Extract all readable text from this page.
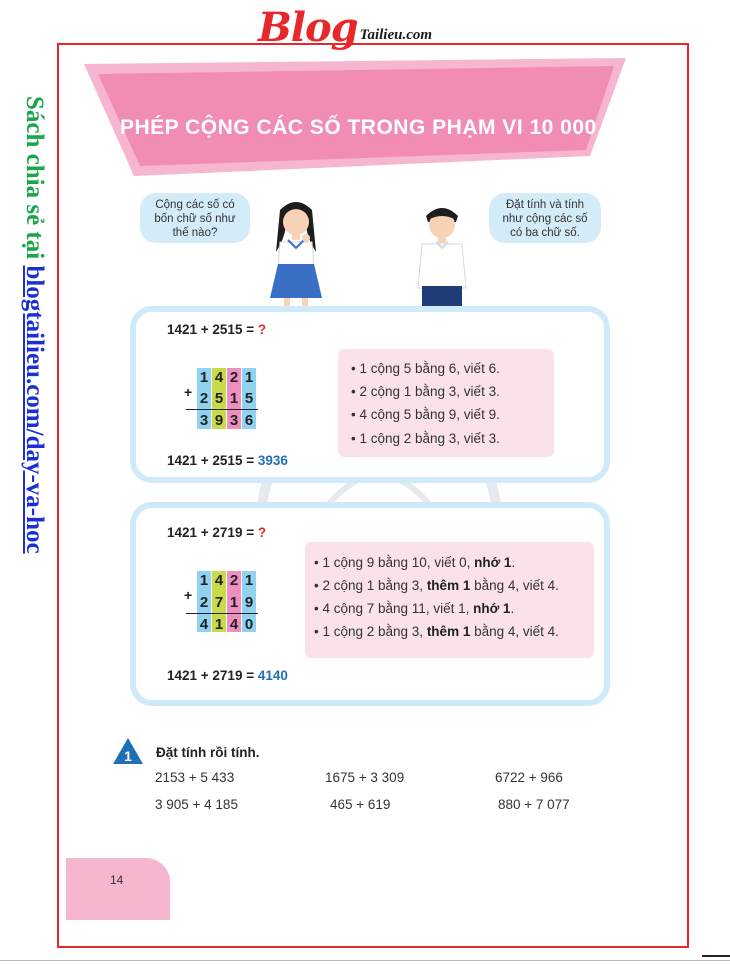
Blog Tailieu.com
Sách chia sẻ tại blogtailieu.com/day-va-hoc
PHÉP CỘNG CÁC SỐ TRONG PHẠM VI 10 000
Cộng các số có
bốn chữ số như
thế nào?
Đặt tính và tính
như cộng các số
có ba chữ số.
1421 + 2515 = ?
+
1 4 2 1
2 5 1 5
3 9 3 6
• 1 cộng 5 bằng 6, viết 6.
• 2 cộng 1 bằng 3, viết 3.
• 4 cộng 5 bằng 9, viết 9.
• 1 cộng 2 bằng 3, viết 3.
1421 + 2515 = 3936
1421 + 2719 = ?
+
1 4 2 1
2 7 1 9
4 1 4 0
• 1 cộng 9 bằng 10, viết 0, nhớ 1.
• 2 cộng 1 bằng 3, thêm 1 bằng 4, viết 4.
• 4 cộng 7 bằng 11, viết 1, nhớ 1.
• 1 cộng 2 bằng 3, thêm 1 bằng 4, viết 4.
1421 + 2719 = 4140
1 Đặt tính rồi tính.
2153 + 5 433	1675 + 3 309	6722 + 966
3 905 + 4 185	465 + 619	880 + 7 077
14
